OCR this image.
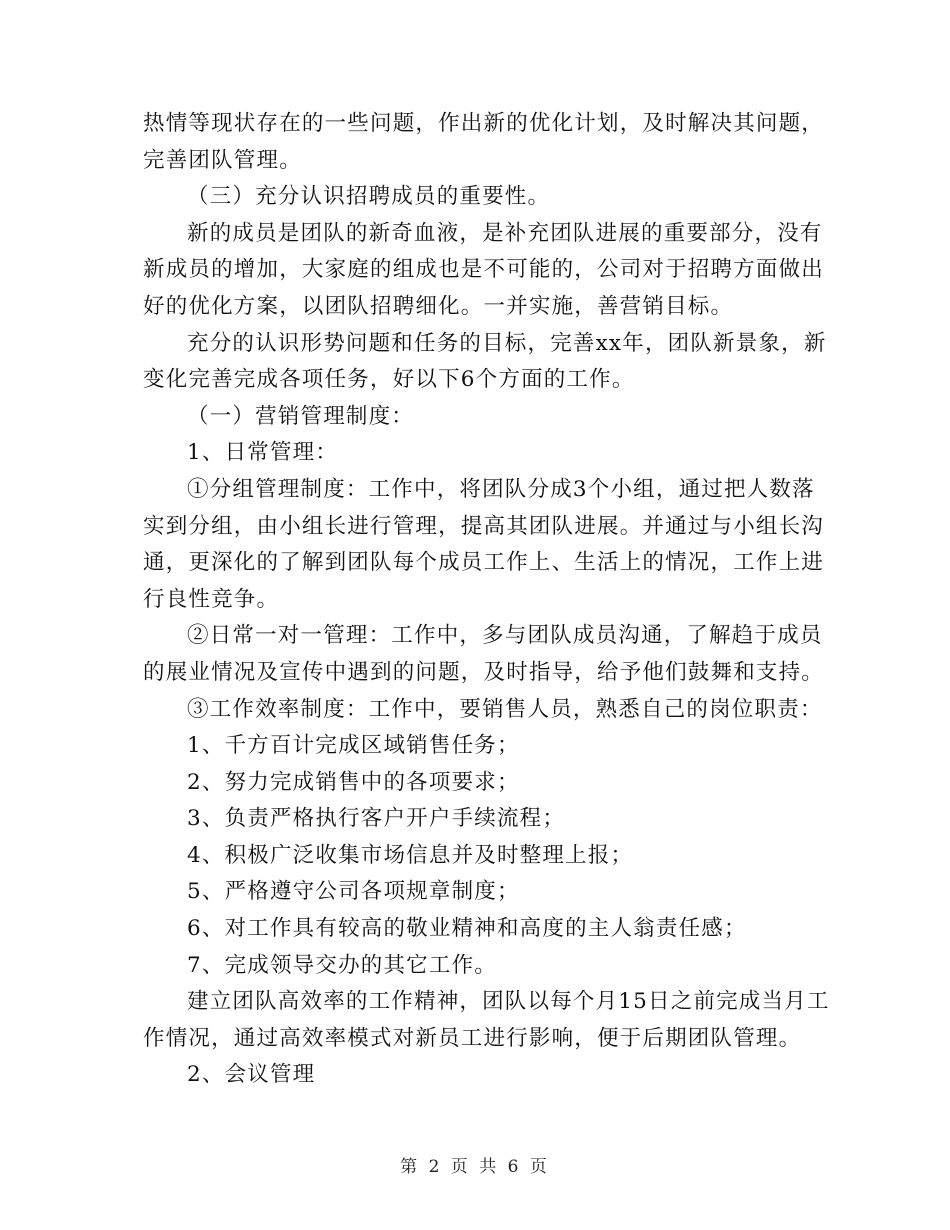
热情等现状存在的一些问题，作出新的优化计划，及时解决其问题，
完善团队管理。
（三）充分认识招聘成员的重要性。
新的成员是团队的新奇血液，是补充团队进展的重要部分，没有
新成员的增加，大家庭的组成也是不可能的，公司对于招聘方面做出
好的优化方案，以团队招聘细化。一并实施，善营销目标。
充分的认识形势问题和任务的目标，完善xx年，团队新景象，新
变化完善完成各项任务，好以下6个方面的工作。
（一）营销管理制度：
1、日常管理：
①分组管理制度：工作中，将团队分成3个小组，通过把人数落
实到分组，由小组长进行管理，提高其团队进展。并通过与小组长沟
通，更深化的了解到团队每个成员工作上、生活上的情况，工作上进
行良性竞争。
②日常一对一管理：工作中，多与团队成员沟通，了解趋于成员
的展业情况及宣传中遇到的问题，及时指导，给予他们鼓舞和支持。
③工作效率制度：工作中，要销售人员，熟悉自己的岗位职责：
1、千方百计完成区域销售任务；
2、努力完成销售中的各项要求；
3、负责严格执行客户开户手续流程；
4、积极广泛收集市场信息并及时整理上报；
5、严格遵守公司各项规章制度；
6、对工作具有较高的敬业精神和高度的主人翁责任感；
7、完成领导交办的其它工作。
建立团队高效率的工作精神，团队以每个月15日之前完成当月工
作情况，通过高效率模式对新员工进行影响，便于后期团队管理。
2、会议管理
第 2 页 共 6 页
